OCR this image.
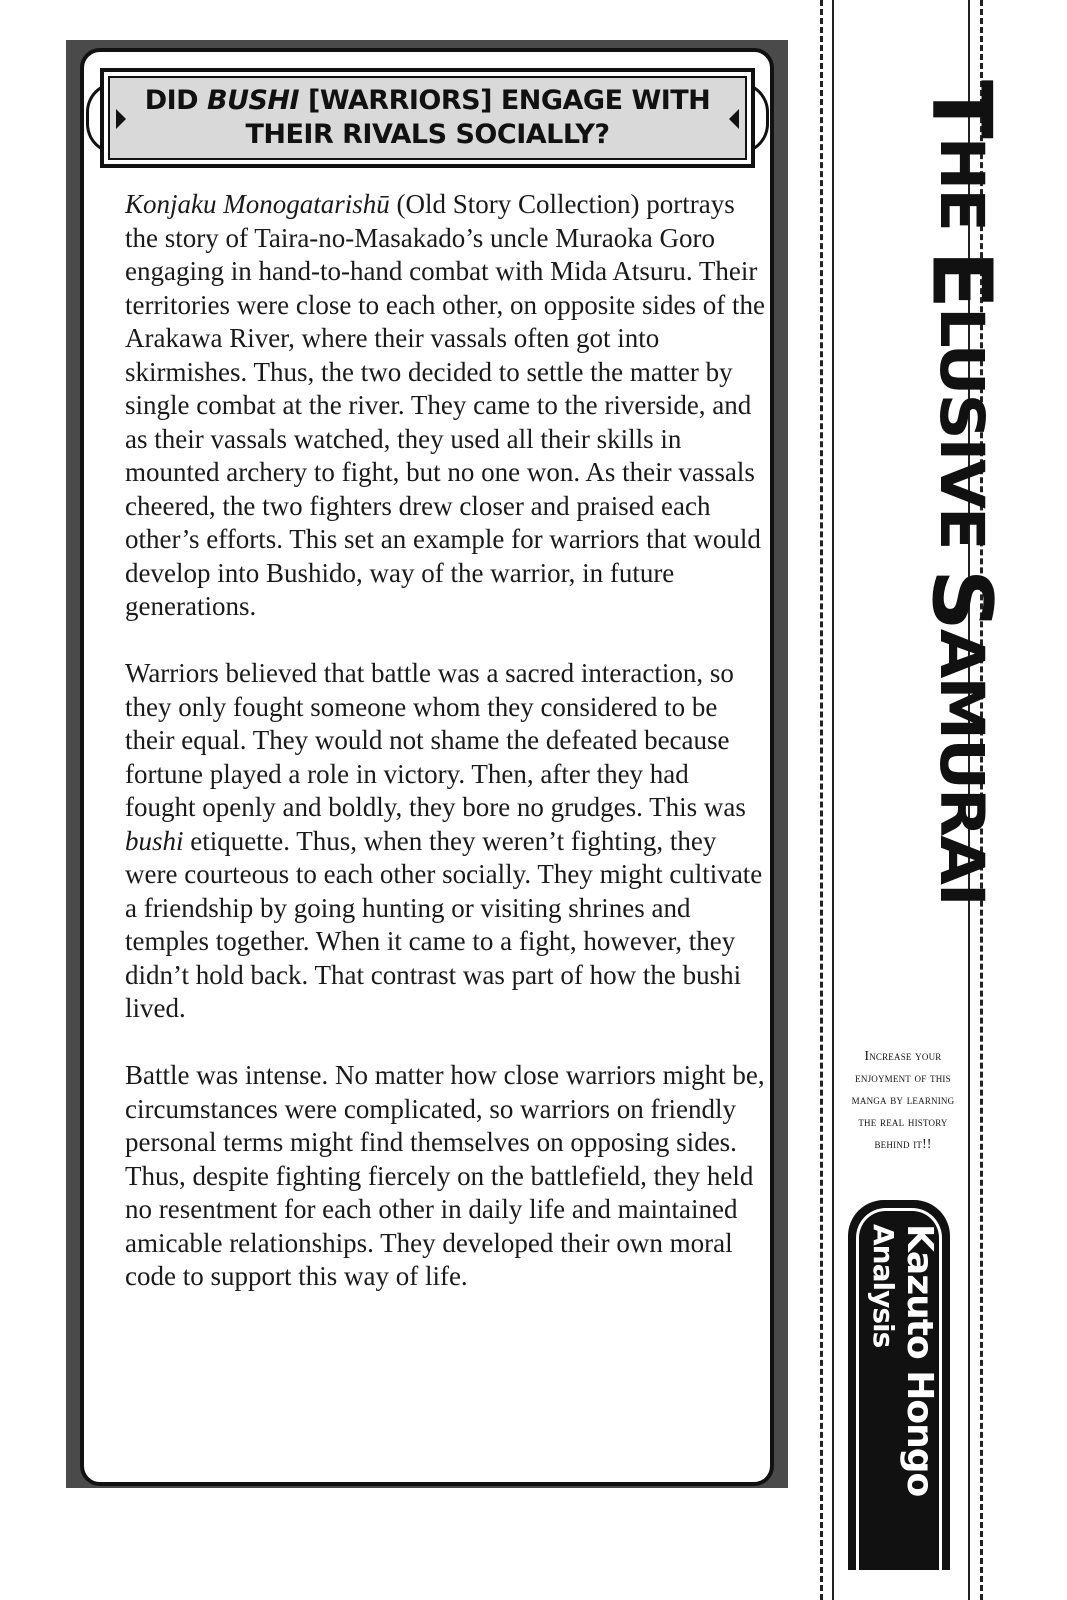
DID BUSHI [WARRIORS] ENGAGE WITH
THEIR RIVALS SOCIALLY?

Konjaku Monogatarishū (Old Story Collection) portrays the story of Taira-no-Masakado’s uncle Muraoka Goro engaging in hand-to-hand combat with Mida Atsuru. Their territories were close to each other, on opposite sides of the Arakawa River, where their vassals often got into skirmishes. Thus, the two decided to settle the matter by single combat at the river. They came to the riverside, and as their vassals watched, they used all their skills in mounted archery to fight, but no one won. As their vassals cheered, the two fighters drew closer and praised each other’s efforts. This set an example for warriors that would develop into Bushido, way of the warrior, in future generations.

Warriors believed that battle was a sacred interaction, so they only fought someone whom they considered to be their equal. They would not shame the defeated because fortune played a role in victory. Then, after they had fought openly and boldly, they bore no grudges. This was bushi etiquette. Thus, when they weren’t fighting, they were courteous to each other socially. They might cultivate a friendship by going hunting or visiting shrines and temples together. When it came to a fight, however, they didn’t hold back. That contrast was part of how the bushi lived.

Battle was intense. No matter how close warriors might be, circumstances were complicated, so warriors on friendly personal terms might find themselves on opposing sides. Thus, despite fighting fiercely on the battlefield, they held no resentment for each other in daily life and maintained amicable relationships. They developed their own moral code to support this way of life.

THE ELUSIVE SAMURAI
Increase your enjoyment of this manga by learning the real history behind it!!
Kazuto Hongo
Analysis
